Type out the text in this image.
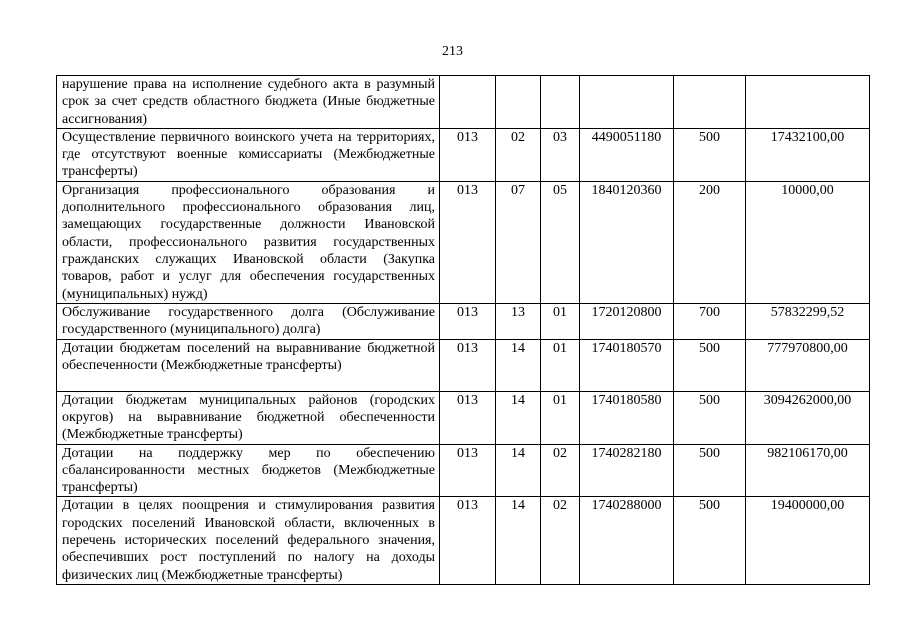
213
нарушение права на исполнение судебного акта в разумный срок за счет средств областного бюджета (Иные бюджетные ассигнования)						
Осуществление первичного воинского учета на территориях, где отсутствуют военные комиссариаты (Межбюджетные трансферты)	013	02	03	4490051180	500	17432100,00
Организация профессионального образования и дополнительного профессионального образования лиц, замещающих государственные должности Ивановской области, профессионального развития государственных гражданских служащих Ивановской области (Закупка товаров, работ и услуг для обеспечения государственных (муниципальных) нужд)	013	07	05	1840120360	200	10000,00
Обслуживание государственного долга (Обслуживание государственного (муниципального) долга)	013	13	01	1720120800	700	57832299,52
Дотации бюджетам поселений на выравнивание бюджетной обеспеченности (Межбюджетные трансферты)	013	14	01	1740180570	500	777970800,00
Дотации бюджетам муниципальных районов (городских округов) на выравнивание бюджетной обеспеченности (Межбюджетные трансферты)	013	14	01	1740180580	500	3094262000,00
Дотации на поддержку мер по обеспечению сбалансированности местных бюджетов (Межбюджетные трансферты)	013	14	02	1740282180	500	982106170,00
Дотации в целях поощрения и стимулирования развития городских поселений Ивановской области, включенных в перечень исторических поселений федерального значения, обеспечивших рост поступлений по налогу на доходы физических лиц (Межбюджетные трансферты)	013	14	02	1740288000	500	19400000,00
